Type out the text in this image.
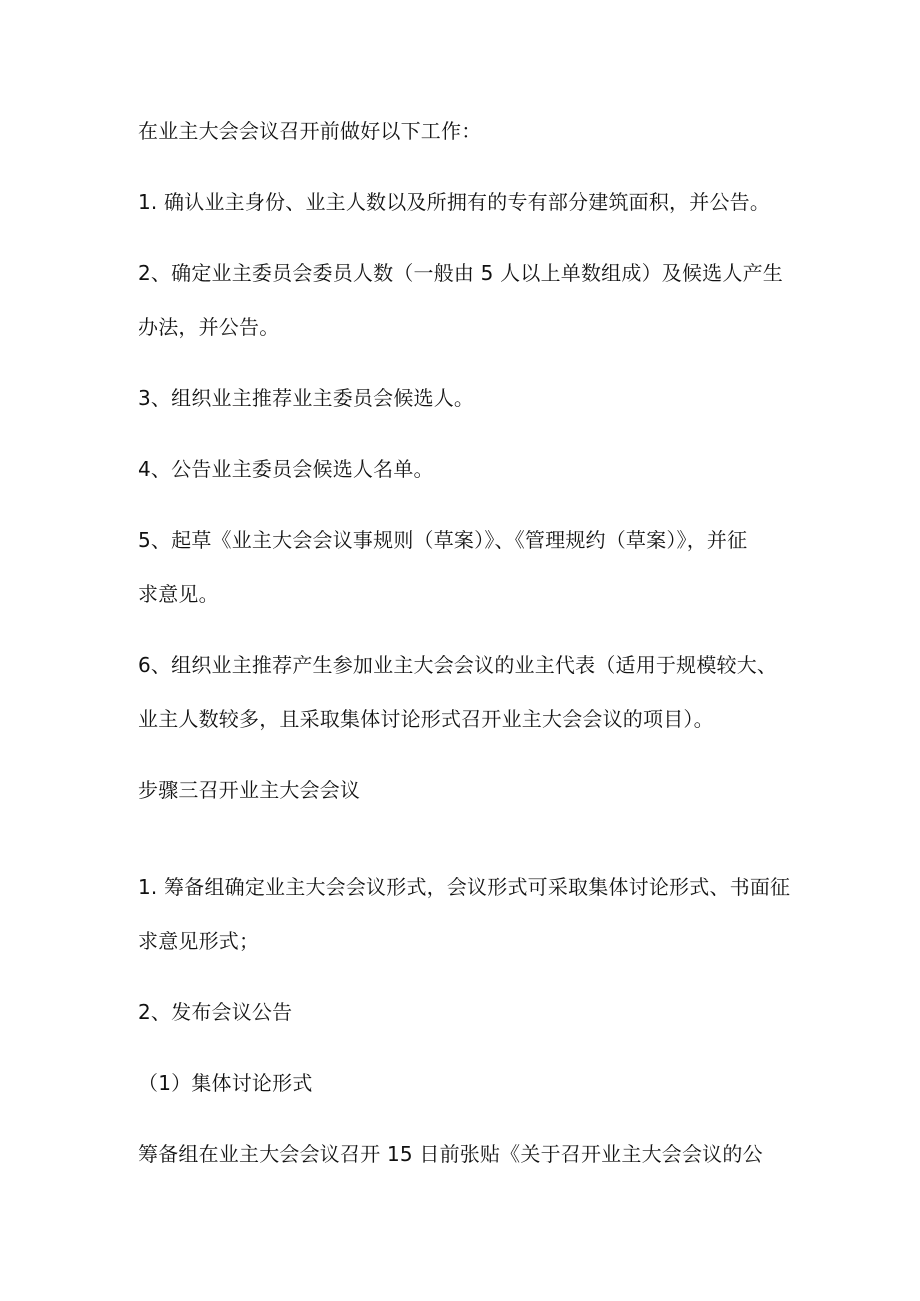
在业主大会会议召开前做好以下工作：

1. 确认业主身份、业主人数以及所拥有的专有部分建筑面积，并公告。

2、确定业主委员会委员人数（一般由 5 人以上单数组成）及候选人产生

办法，并公告。

3、组织业主推荐业主委员会候选人。

4、公告业主委员会候选人名单。

5、起草《业主大会会议事规则（草案）》、《管理规约（草案）》，并征

求意见。

6、组织业主推荐产生参加业主大会会议的业主代表（适用于规模较大、

业主人数较多，且采取集体讨论形式召开业主大会会议的项目）。

步骤三召开业主大会会议

1. 筹备组确定业主大会会议形式，会议形式可采取集体讨论形式、书面征

求意见形式；

2、发布会议公告

（1）集体讨论形式

筹备组在业主大会会议召开 15 日前张贴《关于召开业主大会会议的公
